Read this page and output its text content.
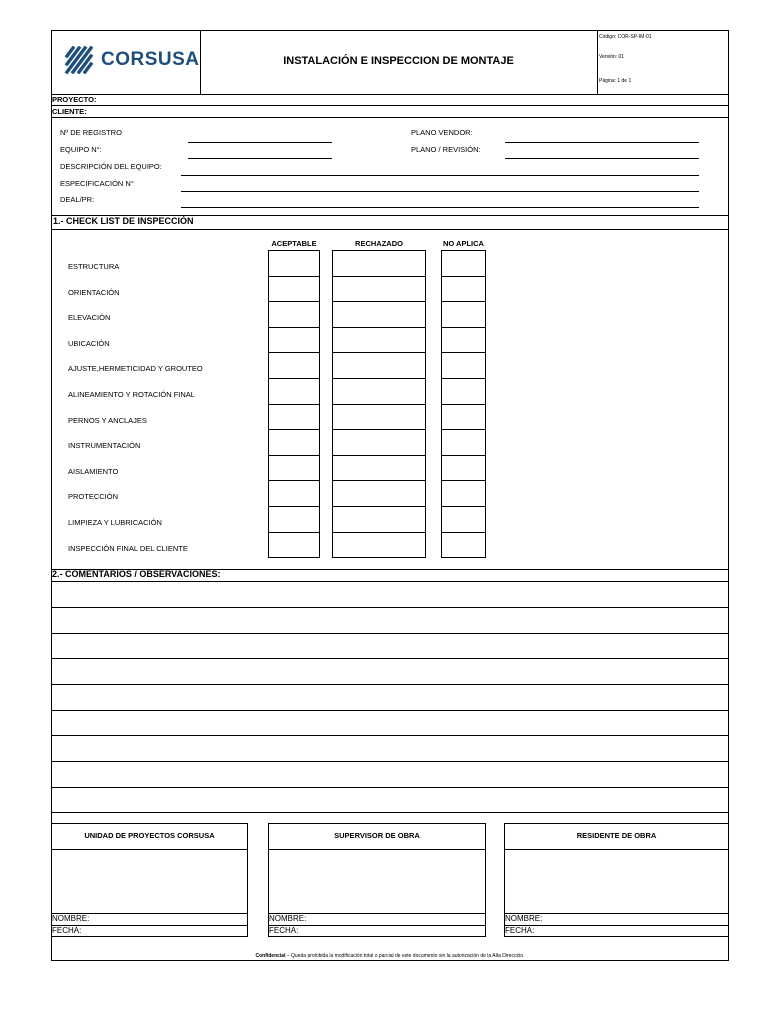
CORSUSA	INSTALACIÓN E INSPECCION DE MONTAJE
Código: COR-SP-IM-01
Versión: 01
Página: 1 de 1
PROYECTO:
CLIENTE:
Nº DE REGISTRO
EQUIPO N°:
PLANO VENDOR:
PLANO / REVISIÓN:
DESCRIPCIÓN DEL EQUIPO:
ESPECIFICACIÓN N°
DEAL/PR:
1.- CHECK LIST DE INSPECCIÓN
ACEPTABLE	RECHAZADO	NO APLICA
ESTRUCTURA
ORIENTACIÓN
ELEVACIÓN
UBICACIÓN
AJUSTE,HERMETICIDAD Y GROUTEO
ALINEAMIENTO Y ROTACIÓN FINAL
PERNOS Y ANCLAJES
INSTRUMENTACIÓN
AISLAMIENTO
PROTECCIÓN
LIMPIEZA Y LUBRICACIÓN
INSPECCIÓN FINAL DEL CLIENTE
2.- COMENTARIOS / OBSERVACIONES:
UNIDAD DE PROYECTOS CORSUSA
NOMBRE:
FECHA:
SUPERVISOR DE OBRA
NOMBRE:
FECHA:
RESIDENTE DE OBRA
NOMBRE:
FECHA:
Confidencial – Queda prohibida la modificación total o parcial de este documento sin la autorización de la Alta Dirección.
